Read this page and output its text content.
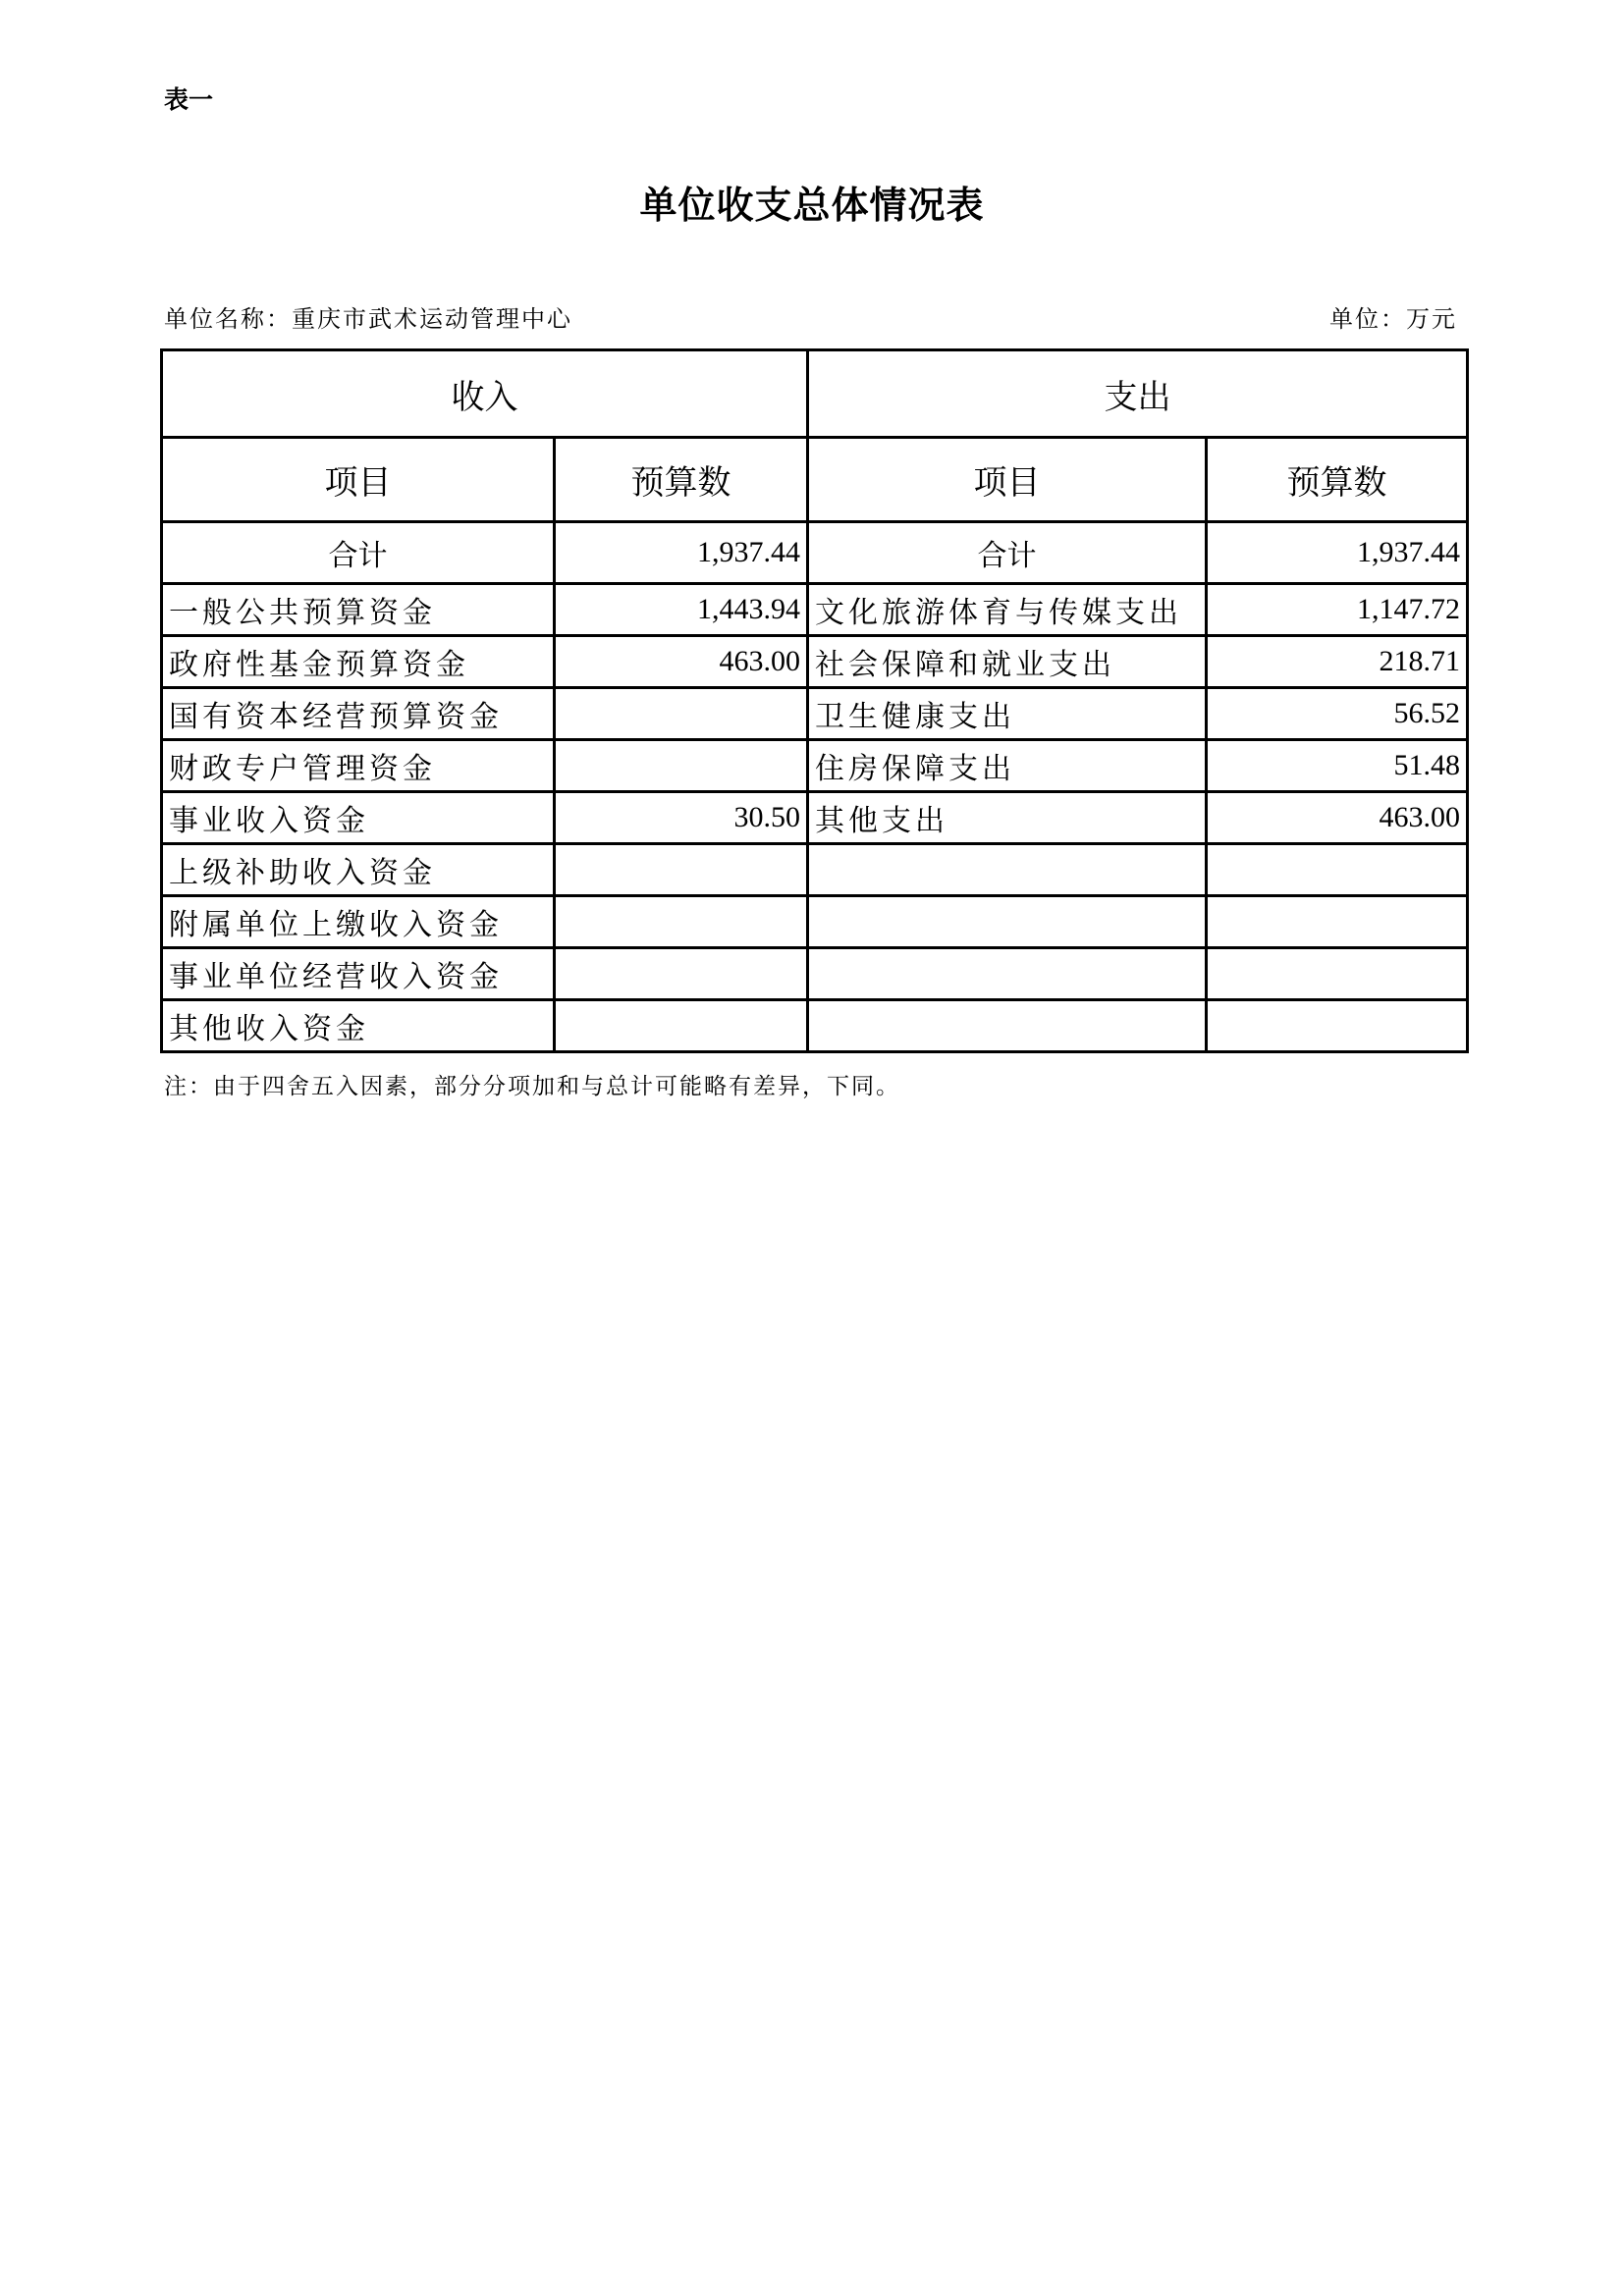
表一
单位收支总体情况表
单位名称：重庆市武术运动管理中心	单位：万元
收入		支出	
项目	预算数	项目	预算数
合计	1,937.44	合计	1,937.44
一般公共预算资金	1,443.94	文化旅游体育与传媒支出	1,147.72
政府性基金预算资金	463.00	社会保障和就业支出	218.71
国有资本经营预算资金		卫生健康支出	56.52
财政专户管理资金		住房保障支出	51.48
事业收入资金	30.50	其他支出	463.00
上级补助收入资金			
附属单位上缴收入资金			
事业单位经营收入资金			
其他收入资金			
注：由于四舍五入因素，部分分项加和与总计可能略有差异，下同。
